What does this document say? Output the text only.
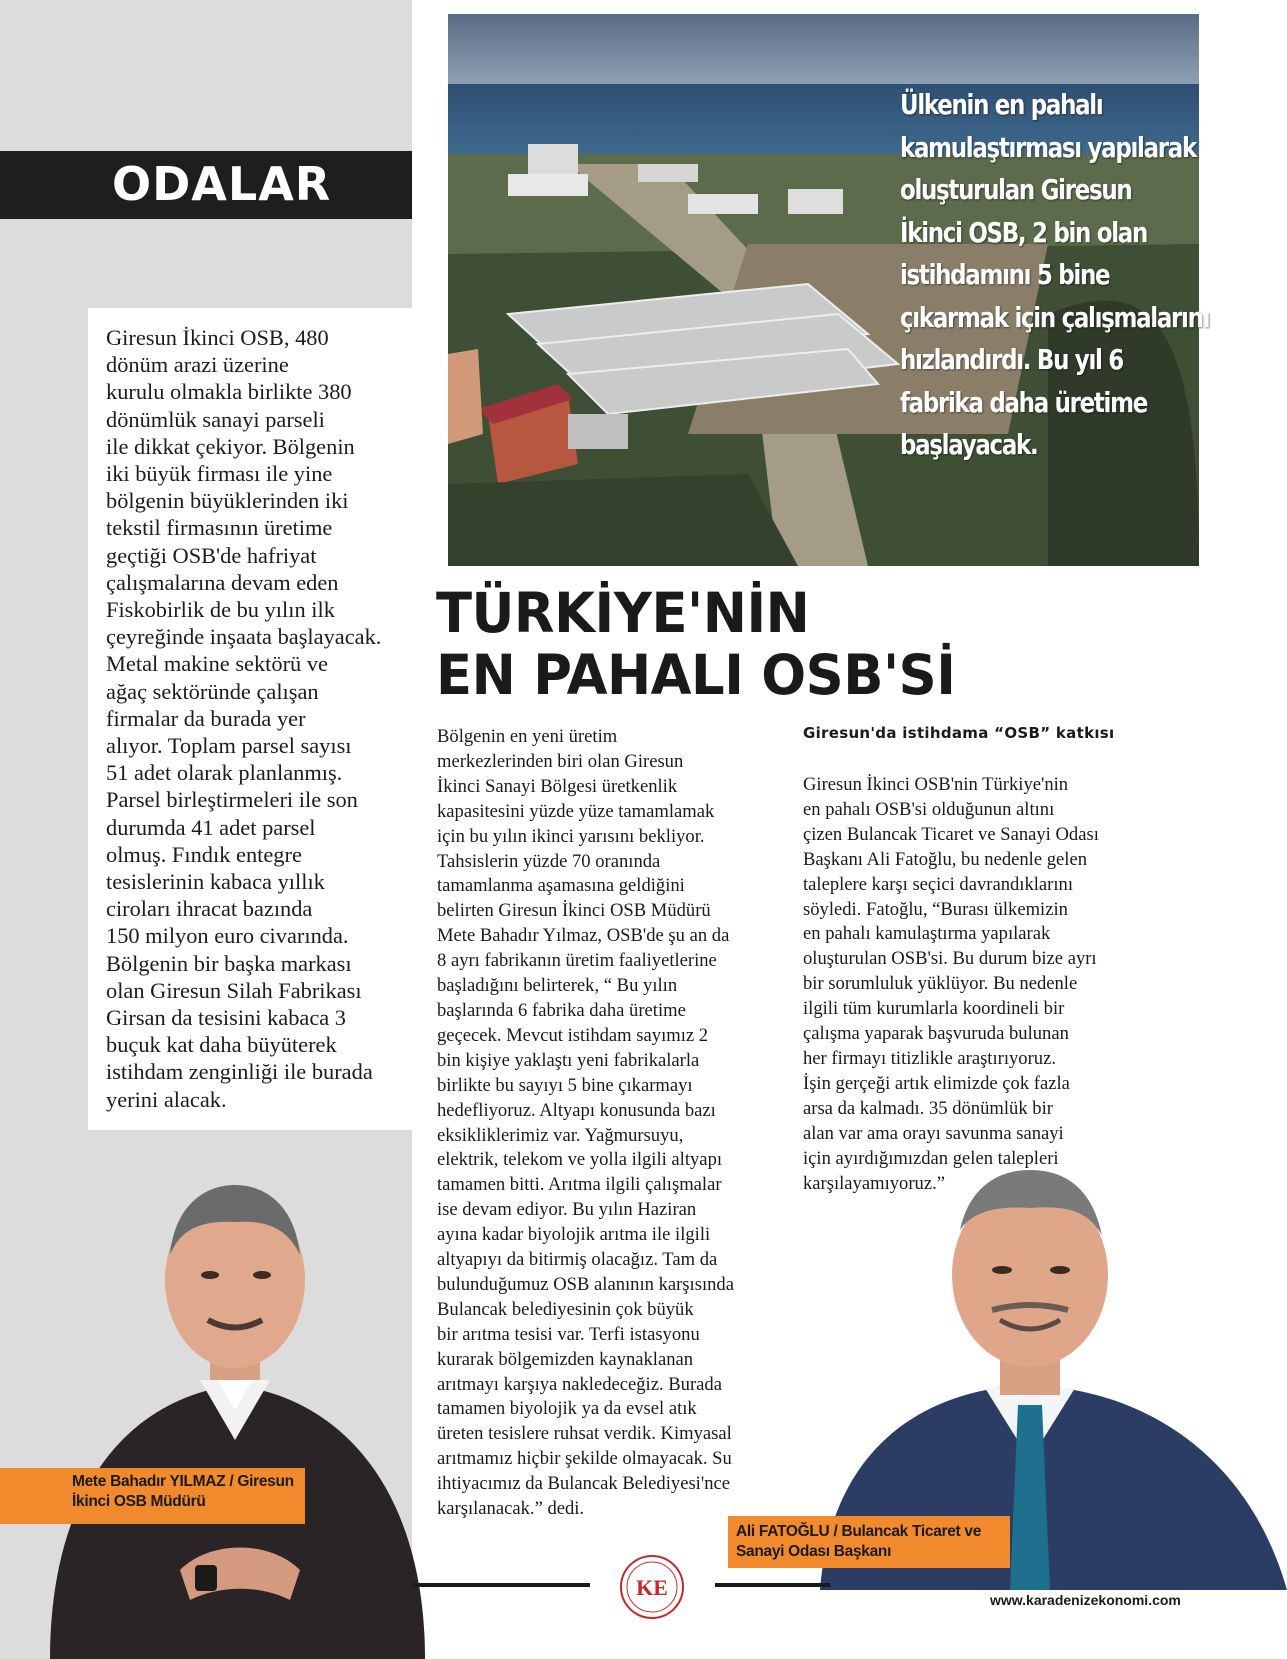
ODALAR
Giresun İkinci OSB, 480
dönüm arazi üzerine
kurulu olmakla birlikte 380
dönümlük sanayi parseli
ile dikkat çekiyor. Bölgenin
iki büyük firması ile yine
bölgenin büyüklerinden iki
tekstil firmasının üretime
geçtiği OSB'de hafriyat
çalışmalarına devam eden
Fiskobirlik de bu yılın ilk
çeyreğinde inşaata başlayacak.
Metal makine sektörü ve
ağaç sektöründe çalışan
firmalar da burada yer
alıyor. Toplam parsel sayısı
51 adet olarak planlanmış.
Parsel birleştirmeleri ile son
durumda 41 adet parsel
olmuş. Fındık entegre
tesislerinin kabaca yıllık
ciroları ihracat bazında
150 milyon euro civarında.
Bölgenin bir başka markası
olan Giresun Silah Fabrikası
Girsan da tesisini kabaca 3
buçuk kat daha büyüterek
istihdam zenginliği ile burada
yerini alacak.
Mete Bahadır YILMAZ / Giresun
İkinci OSB Müdürü
Ülkenin en pahalı
kamulaştırması yapılarak
oluşturulan Giresun
İkinci OSB, 2 bin olan
istihdamını 5 bine
çıkarmak için çalışmalarını
hızlandırdı. Bu yıl 6
fabrika daha üretime
başlayacak.
TÜRKİYE'NİN
EN PAHALI OSB'Sİ
Bölgenin en yeni üretim
merkezlerinden biri olan Giresun
İkinci Sanayi Bölgesi üretkenlik
kapasitesini yüzde yüze tamamlamak
için bu yılın ikinci yarısını bekliyor.
Tahsislerin yüzde 70 oranında
tamamlanma aşamasına geldiğini
belirten Giresun İkinci OSB Müdürü
Mete Bahadır Yılmaz, OSB'de şu an da
8 ayrı fabrikanın üretim faaliyetlerine
başladığını belirterek, “ Bu yılın
başlarında 6 fabrika daha üretime
geçecek. Mevcut istihdam sayımız 2
bin kişiye yaklaştı yeni fabrikalarla
birlikte bu sayıyı 5 bine çıkarmayı
hedefliyoruz. Altyapı konusunda bazı
eksikliklerimiz var. Yağmursuyu,
elektrik, telekom ve yolla ilgili altyapı
tamamen bitti. Arıtma ilgili çalışmalar
ise devam ediyor. Bu yılın Haziran
ayına kadar biyolojik arıtma ile ilgili
altyapıyı da bitirmiş olacağız. Tam da
bulunduğumuz OSB alanının karşısında
Bulancak belediyesinin çok büyük
bir arıtma tesisi var. Terfi istasyonu
kurarak bölgemizden kaynaklanan
arıtmayı karşıya nakledeceğiz. Burada
tamamen biyolojik ya da evsel atık
üreten tesislere ruhsat verdik. Kimyasal
arıtmamız hiçbir şekilde olmayacak. Su
ihtiyacımız da Bulancak Belediyesi'nce
karşılanacak.” dedi.
Giresun'da istihdama “OSB” katkısı
Giresun İkinci OSB'nin Türkiye'nin
en pahalı OSB'si olduğunun altını
çizen Bulancak Ticaret ve Sanayi Odası
Başkanı Ali Fatoğlu, bu nedenle gelen
taleplere karşı seçici davrandıklarını
söyledi. Fatoğlu, “Burası ülkemizin
en pahalı kamulaştırma yapılarak
oluşturulan OSB'si. Bu durum bize ayrı
bir sorumluluk yüklüyor. Bu nedenle
ilgili tüm kurumlarla koordineli bir
çalışma yaparak başvuruda bulunan
her firmayı titizlikle araştırıyoruz.
İşin gerçeği artık elimizde çok fazla
arsa da kalmadı. 35 dönümlük bir
alan var ama orayı savunma sanayi
için ayırdığımızdan gelen talepleri
karşılayamıyoruz.”
Ali FATOĞLU / Bulancak Ticaret ve
Sanayi Odası Başkanı
KE	www.karadenizekonomi.com
